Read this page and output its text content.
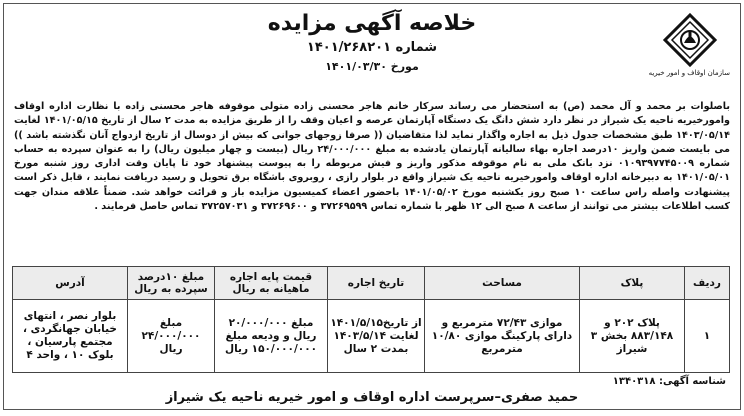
سازمان اوقاف و امور خیریه
خلاصه آگهی مزایده
شماره ۱۴۰۱/۲۶۸۲۰۱
مورخ ۱۴۰۱/۰۳/۳۰
باصلوات بر محمد و آل محمد (ص) به استحضار می رساند سرکار خانم هاجر محسنی زاده متولی موقوفه هاجر محسنی زاده با نظارت اداره اوقاف وامورخیریه ناحیه یک شیراز در نظر دارد شش دانگ یک دستگاه آپارتمان عرصه و اعیان وقف را از طریق مزایده به مدت ۲ سال از تاریخ ۱۴۰۱/۰۵/۱۵ لغایت ۱۴۰۳/۰۵/۱۴ طبق مشخصات جدول ذیل به اجاره واگذار نماید لذا متقاضیان (( صرفا زوجهای جوانی که بیش از دوسال از تاریخ ازدواج آنان نگذشته باشد )) می بایست ضمن واریز ۱۰درصد اجاره بهاء سالیانه آپارتمان یادشده به مبلغ ۲۴/۰۰۰/۰۰۰ ریال (بیست و چهار میلیون ریال) را به عنوان سپرده به حساب شماره ۰۱۰۹۳۹۷۷۴۵۰۰۹ نزد بانک ملی به نام موقوفه مذکور واریز و فیش مربوطه را به پیوست پیشنهاد خود تا پایان وقت اداری روز شنبه مورخ ۱۴۰۱/۰۵/۰۱ به دبیرخانه اداره اوقاف وامورخیریه ناحیه یک شیراز واقع در بلوار رازی ، روبروی باشگاه برق تحویل و رسید دریافت نمایند ، قابل ذکر است پیشنهادت واصله راس ساعت ۱۰ صبح روز یکشنبه مورخ ۱۴۰۱/۰۵/۰۲ باحضور اعضاء کمیسیون مزایده باز و قرائت خواهد شد. ضمناً علاقه مندان جهت کسب اطلاعات بیشتر می توانند از ساعت ۸ صبح الی ۱۲ ظهر با شماره تماس ۳۷۲۶۹۵۹۹ و ۳۷۲۶۹۶۰۰ و ۳۷۲۵۷۰۳۱ تماس حاصل فرمایند .
ردیف	پلاک	مساحت	تاریخ اجاره	قیمت پایه اجاره ماهیانه به ریال	مبلغ ۱۰درصد سپرده به ریال	آدرس
۱	پلاک ۲۰۲ و ۸۸۳/۱۴۸ بخش ۳ شیراز	موازی ۷۲/۴۳ مترمربع و دارای پارکینگ موازی ۱۰/۸۰ مترمربع	از تاریخ۱۴۰۱/۵/۱۵ لغایت ۱۴۰۳/۵/۱۴ بمدت ۲ سال	مبلغ ۲۰/۰۰۰/۰۰۰ ریال و ودیعه مبلغ ۱۵۰/۰۰۰/۰۰۰ ریال	مبلغ ۲۴/۰۰۰/۰۰۰ ریال	بلوار نصر ، انتهای خیابان جهانگردی ، مجتمع پارسیان ، بلوک ۱۰ ، واحد ۴
شناسه آگهی: ۱۳۴۰۳۱۸
حمید صفری–سرپرست اداره اوقاف و امور خیریه ناحیه یک شیراز
